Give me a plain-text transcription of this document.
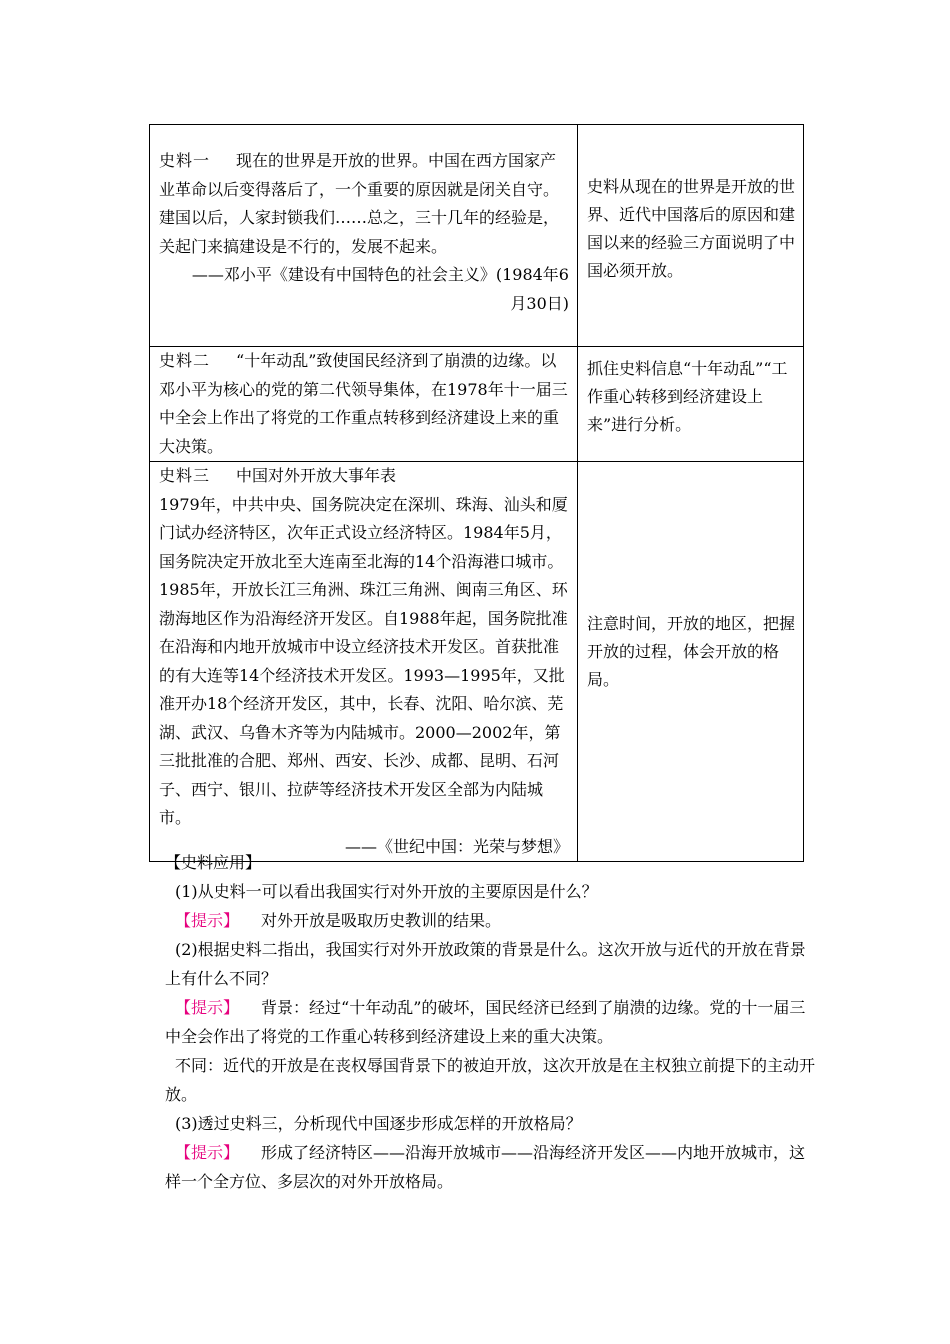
史料一 现在的世界是开放的世界。中国在西方国家产业革命以后变得落后了，一个重要的原因就是闭关自守。建国以后，人家封锁我们……总之，三十几年的经验是，关起门来搞建设是不行的，发展不起来。
——邓小平《建设有中国特色的社会主义》(1984年6月30日)	史料从现在的世界是开放的世界、近代中国落后的原因和建国以来的经验三方面说明了中国必须开放。

史料二 “十年动乱”致使国民经济到了崩溃的边缘。以邓小平为核心的党的第二代领导集体，在1978年十一届三中全会上作出了将党的工作重点转移到经济建设上来的重大决策。	抓住史料信息“十年动乱”“工作重心转移到经济建设上来”进行分析。

史料三 中国对外开放大事年表
1979年，中共中央、国务院决定在深圳、珠海、汕头和厦门试办经济特区，次年正式设立经济特区。1984年5月，国务院决定开放北至大连南至北海的14个沿海港口城市。1985年，开放长江三角洲、珠江三角洲、闽南三角区、环渤海地区作为沿海经济开发区。自1988年起，国务院批准在沿海和内地开放城市中设立经济技术开发区。首获批准的有大连等14个经济技术开发区。1993—1995年，又批准开办18个经济开发区，其中，长春、沈阳、哈尔滨、芜湖、武汉、乌鲁木齐等为内陆城市。2000—2002年，第三批批准的合肥、郑州、西安、长沙、成都、昆明、石河子、西宁、银川、拉萨等经济技术开发区全部为内陆城市。
——《世纪中国：光荣与梦想》	注意时间，开放的地区，把握开放的过程，体会开放的格局。

【史料应用】

(1)从史料一可以看出我国实行对外开放的主要原因是什么？

【提示】 对外开放是吸取历史教训的结果。

(2)根据史料二指出，我国实行对外开放政策的背景是什么。这次开放与近代的开放在背景上有什么不同？

【提示】 背景：经过“十年动乱”的破坏，国民经济已经到了崩溃的边缘。党的十一届三中全会作出了将党的工作重心转移到经济建设上来的重大决策。

不同：近代的开放是在丧权辱国背景下的被迫开放，这次开放是在主权独立前提下的主动开放。

(3)透过史料三，分析现代中国逐步形成怎样的开放格局？

【提示】 形成了经济特区——沿海开放城市——沿海经济开发区——内地开放城市，这样一个全方位、多层次的对外开放格局。
